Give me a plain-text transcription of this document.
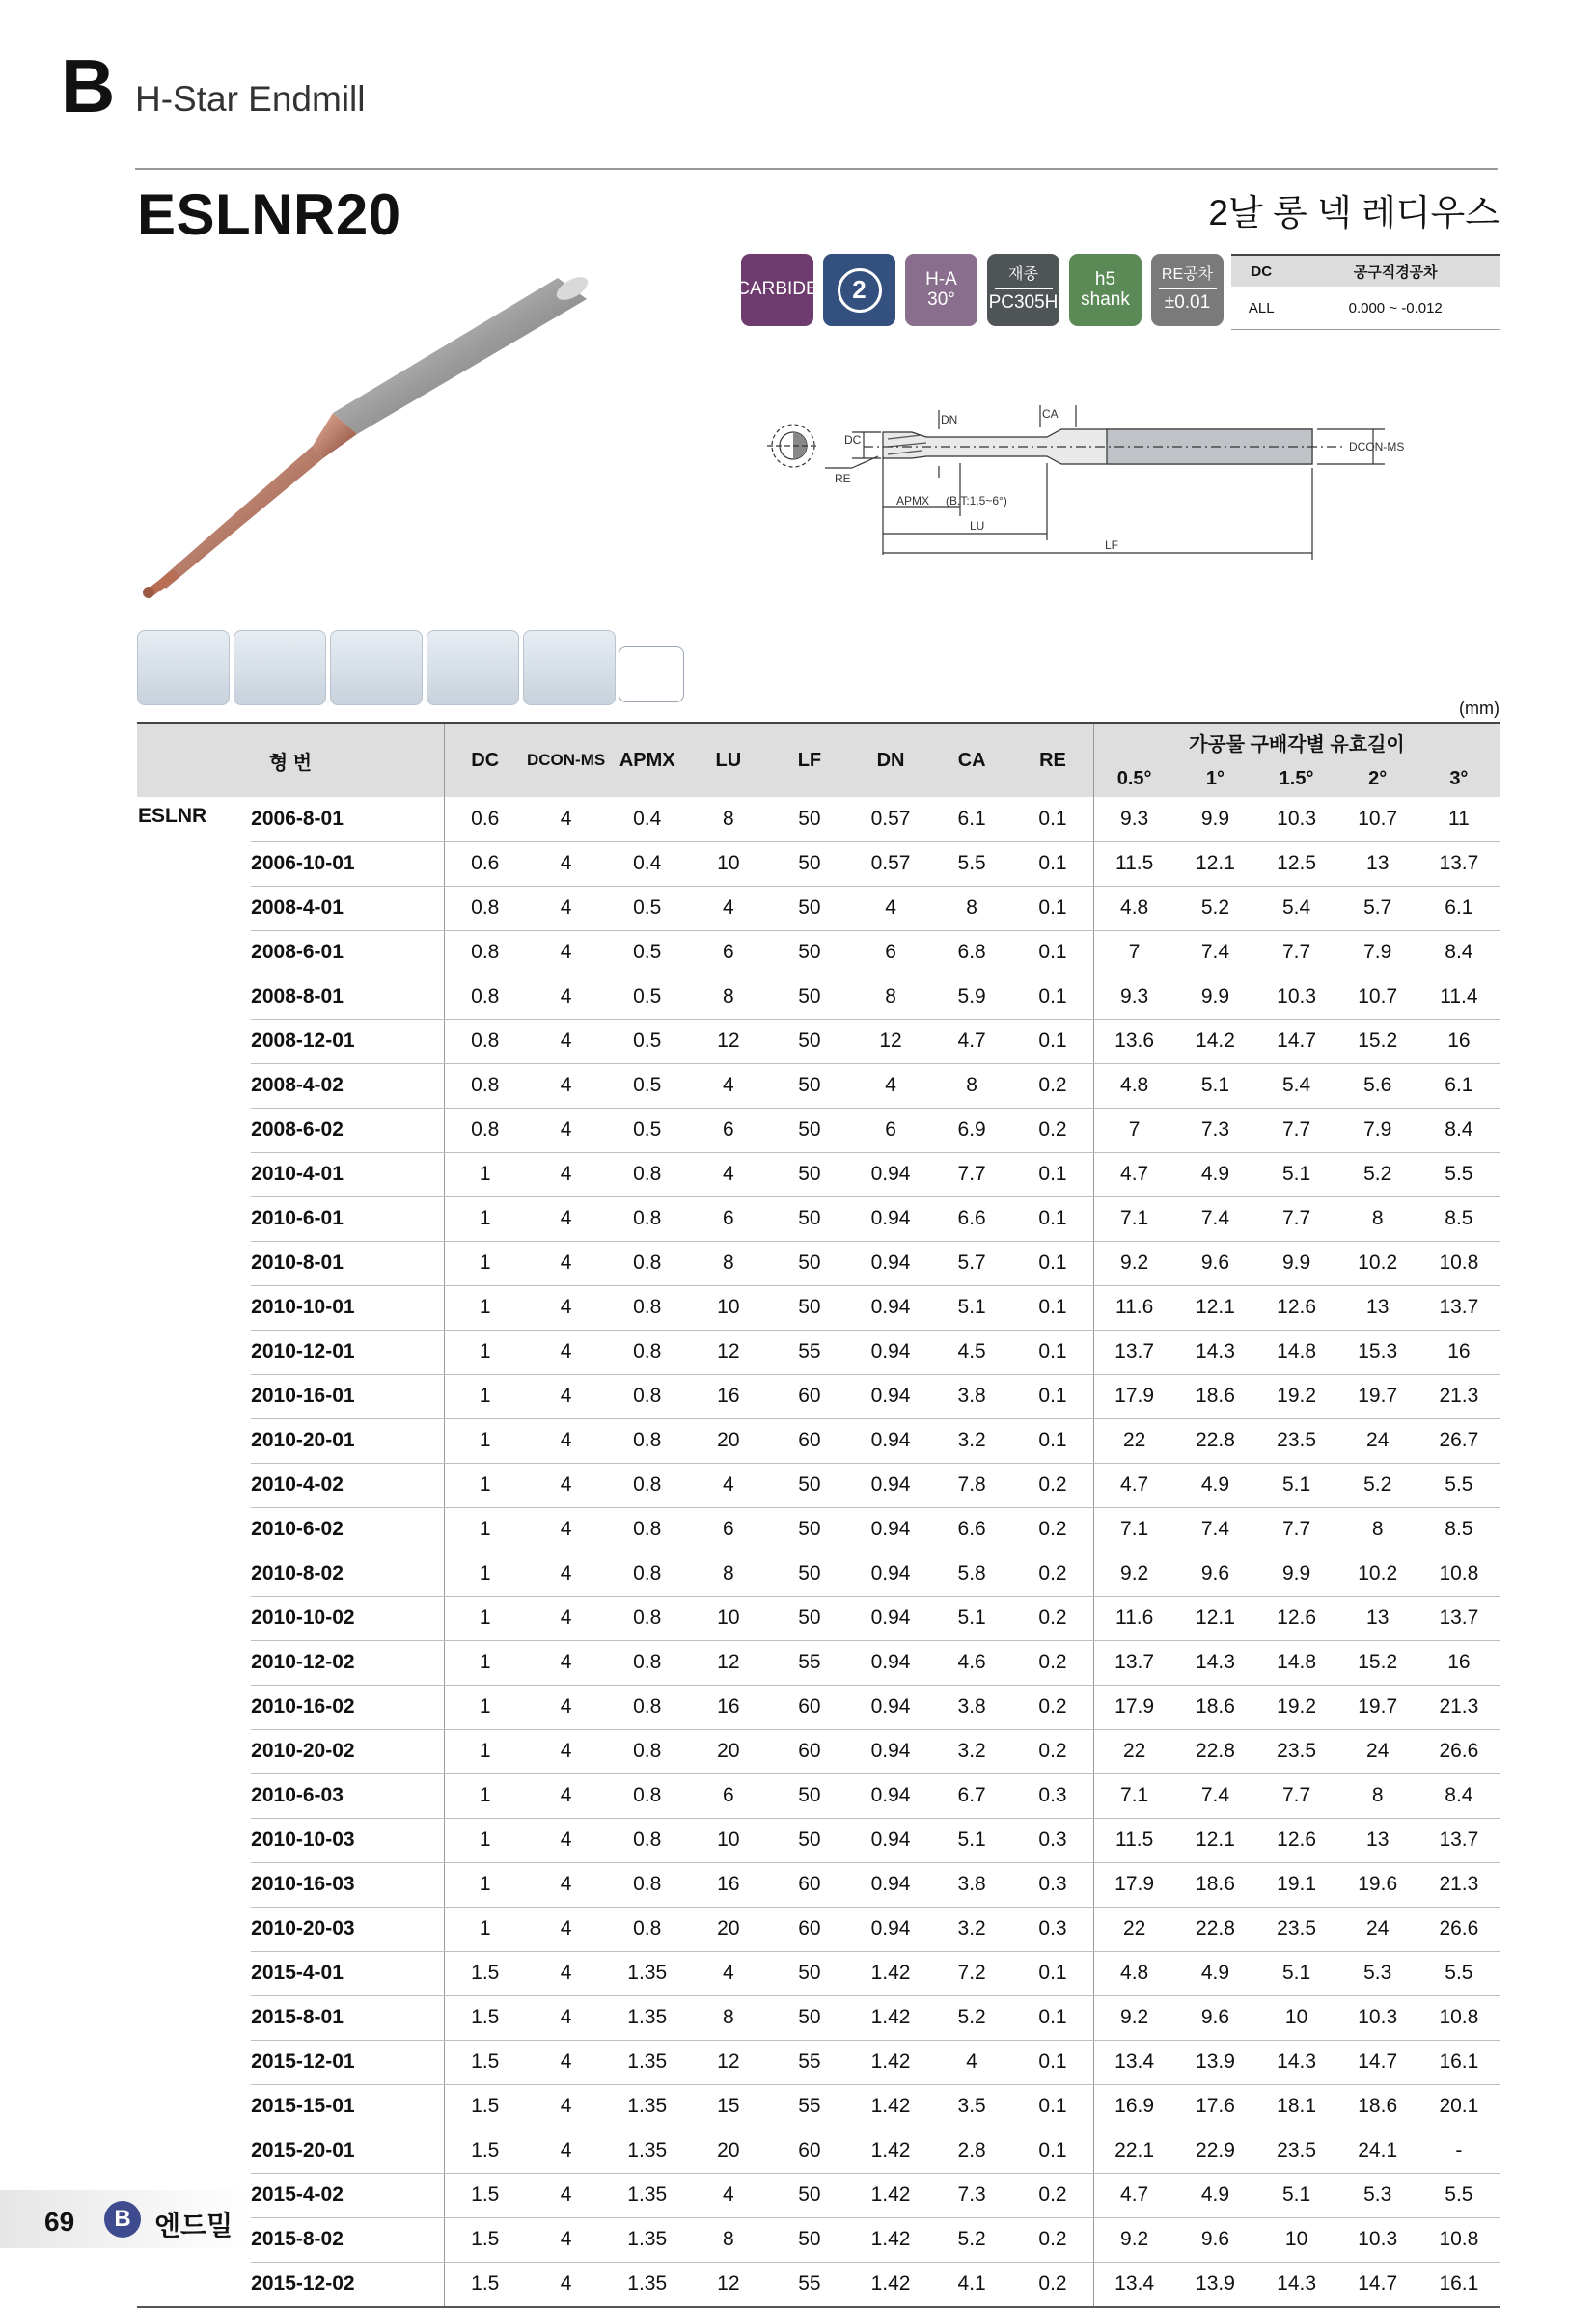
B H-Star Endmill
ESLNR20	2날 롱 넥 레디우스
CARBIDE	2	H-A
30°
재종
PC305H
h5
shank
RE공차
±0.01
DC	공구직경공차
ALL	0.000 ~ -0.012
DN	CA
DC
RE
APMX (B.T:1.5~6°)
LU
LF
DCON-MS
(mm)
형 번		DC	DCON-MS	APMX	LU	LF	DN	CA	RE	가공물 구배각별 유효길이				
										0.5°	1°	1.5°	2°	3°
ESLNR	2006-8-01	0.6	4	0.4	8	50	0.57	6.1	0.1	9.3	9.9	10.3	10.7	11
	2006-10-01	0.6	4	0.4	10	50	0.57	5.5	0.1	11.5	12.1	12.5	13	13.7
	2008-4-01	0.8	4	0.5	4	50	4	8	0.1	4.8	5.2	5.4	5.7	6.1
	2008-6-01	0.8	4	0.5	6	50	6	6.8	0.1	7	7.4	7.7	7.9	8.4
	2008-8-01	0.8	4	0.5	8	50	8	5.9	0.1	9.3	9.9	10.3	10.7	11.4
	2008-12-01	0.8	4	0.5	12	50	12	4.7	0.1	13.6	14.2	14.7	15.2	16
	2008-4-02	0.8	4	0.5	4	50	4	8	0.2	4.8	5.1	5.4	5.6	6.1
	2008-6-02	0.8	4	0.5	6	50	6	6.9	0.2	7	7.3	7.7	7.9	8.4
	2010-4-01	1	4	0.8	4	50	0.94	7.7	0.1	4.7	4.9	5.1	5.2	5.5
	2010-6-01	1	4	0.8	6	50	0.94	6.6	0.1	7.1	7.4	7.7	8	8.5
	2010-8-01	1	4	0.8	8	50	0.94	5.7	0.1	9.2	9.6	9.9	10.2	10.8
	2010-10-01	1	4	0.8	10	50	0.94	5.1	0.1	11.6	12.1	12.6	13	13.7
	2010-12-01	1	4	0.8	12	55	0.94	4.5	0.1	13.7	14.3	14.8	15.3	16
	2010-16-01	1	4	0.8	16	60	0.94	3.8	0.1	17.9	18.6	19.2	19.7	21.3
	2010-20-01	1	4	0.8	20	60	0.94	3.2	0.1	22	22.8	23.5	24	26.7
	2010-4-02	1	4	0.8	4	50	0.94	7.8	0.2	4.7	4.9	5.1	5.2	5.5
	2010-6-02	1	4	0.8	6	50	0.94	6.6	0.2	7.1	7.4	7.7	8	8.5
	2010-8-02	1	4	0.8	8	50	0.94	5.8	0.2	9.2	9.6	9.9	10.2	10.8
	2010-10-02	1	4	0.8	10	50	0.94	5.1	0.2	11.6	12.1	12.6	13	13.7
	2010-12-02	1	4	0.8	12	55	0.94	4.6	0.2	13.7	14.3	14.8	15.2	16
	2010-16-02	1	4	0.8	16	60	0.94	3.8	0.2	17.9	18.6	19.2	19.7	21.3
	2010-20-02	1	4	0.8	20	60	0.94	3.2	0.2	22	22.8	23.5	24	26.6
	2010-6-03	1	4	0.8	6	50	0.94	6.7	0.3	7.1	7.4	7.7	8	8.4
	2010-10-03	1	4	0.8	10	50	0.94	5.1	0.3	11.5	12.1	12.6	13	13.7
	2010-16-03	1	4	0.8	16	60	0.94	3.8	0.3	17.9	18.6	19.1	19.6	21.3
	2010-20-03	1	4	0.8	20	60	0.94	3.2	0.3	22	22.8	23.5	24	26.6
	2015-4-01	1.5	4	1.35	4	50	1.42	7.2	0.1	4.8	4.9	5.1	5.3	5.5
	2015-8-01	1.5	4	1.35	8	50	1.42	5.2	0.1	9.2	9.6	10	10.3	10.8
	2015-12-01	1.5	4	1.35	12	55	1.42	4	0.1	13.4	13.9	14.3	14.7	16.1
	2015-15-01	1.5	4	1.35	15	55	1.42	3.5	0.1	16.9	17.6	18.1	18.6	20.1
	2015-20-01	1.5	4	1.35	20	60	1.42	2.8	0.1	22.1	22.9	23.5	24.1	-
	2015-4-02	1.5	4	1.35	4	50	1.42	7.3	0.2	4.7	4.9	5.1	5.3	5.5
	2015-8-02	1.5	4	1.35	8	50	1.42	5.2	0.2	9.2	9.6	10	10.3	10.8
	2015-12-02	1.5	4	1.35	12	55	1.42	4.1	0.2	13.4	13.9	14.3	14.7	16.1
69	B 엔드밀
